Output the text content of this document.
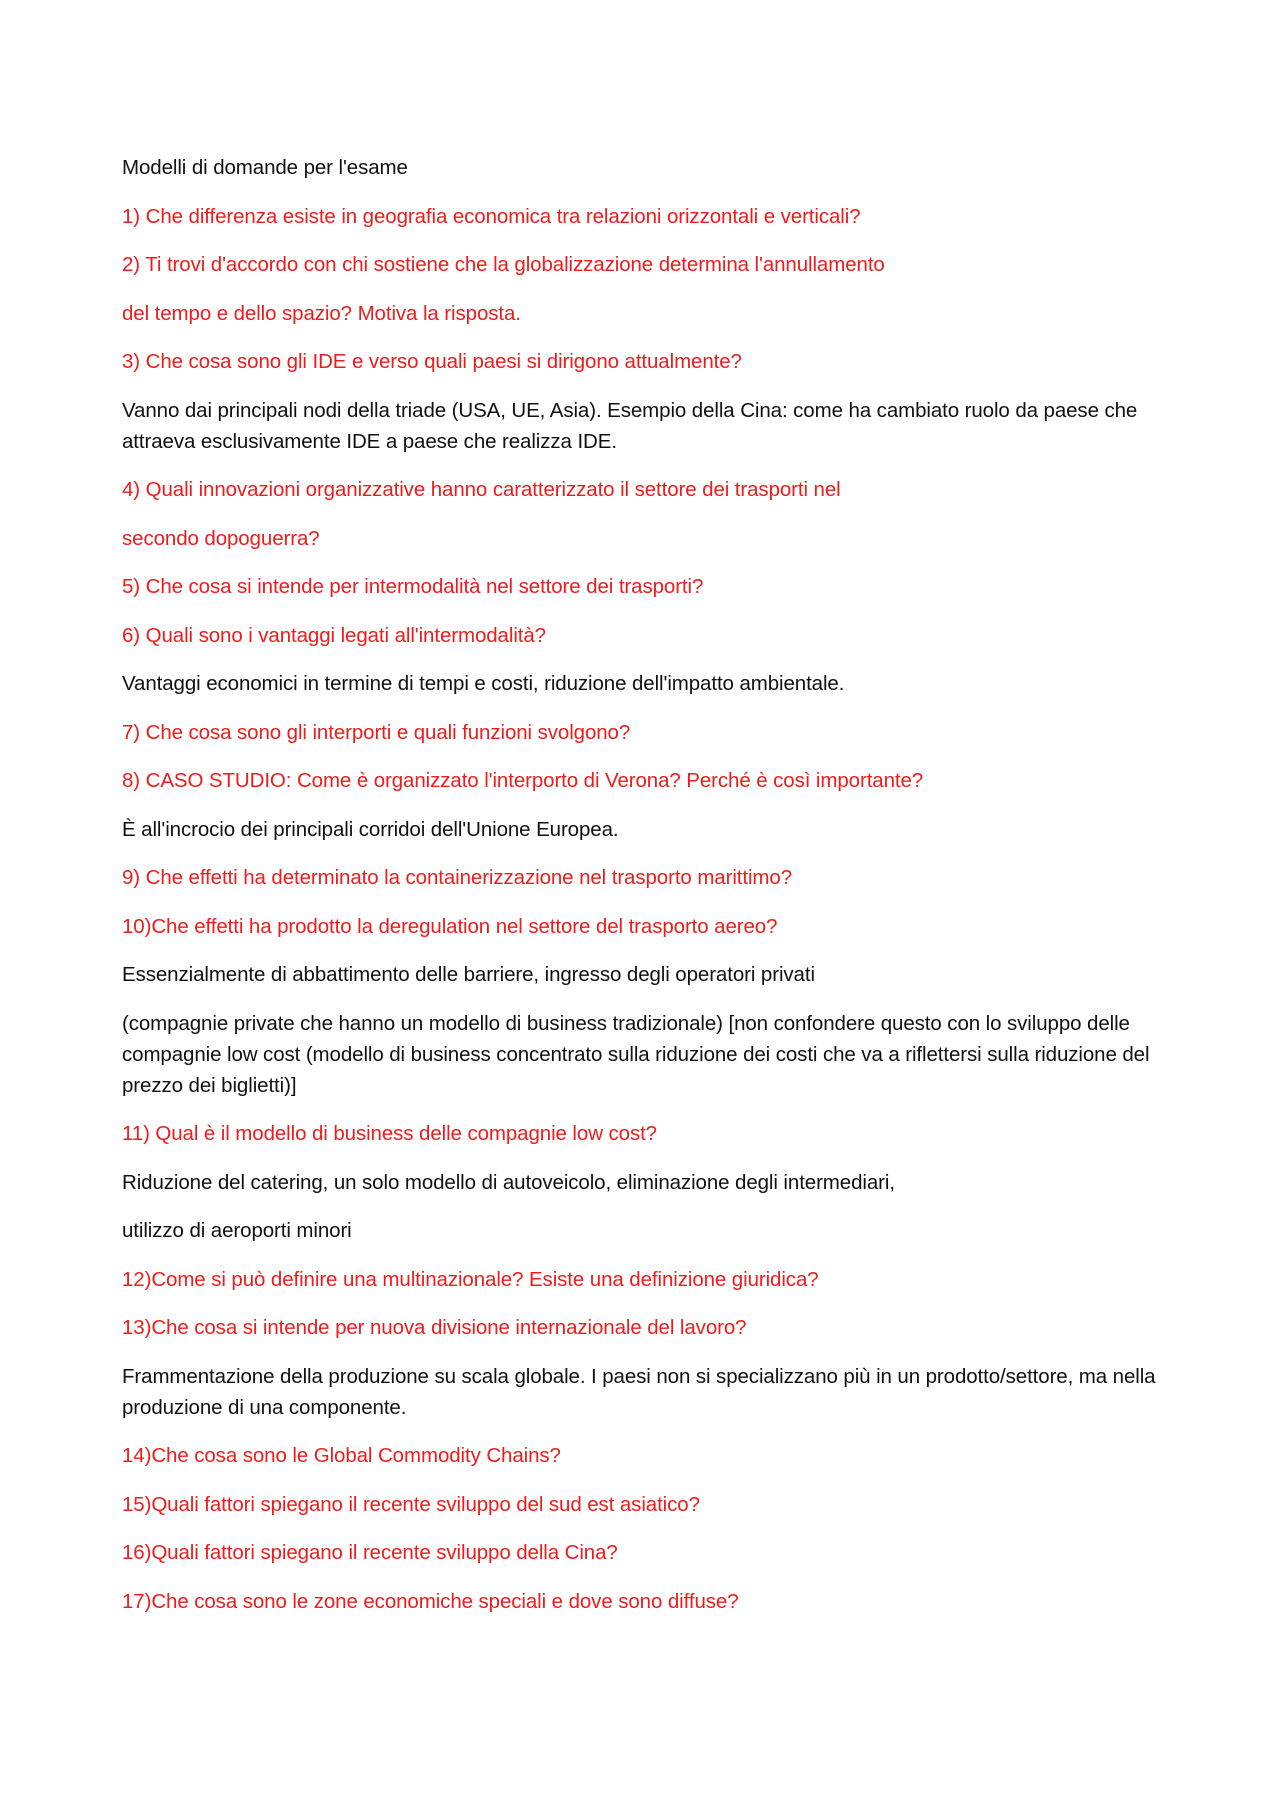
Modelli di domande per l'esame

1) Che differenza esiste in geografia economica tra relazioni orizzontali e verticali?

2) Ti trovi d'accordo con chi sostiene che la globalizzazione determina l'annullamento

del tempo e dello spazio? Motiva la risposta.

3) Che cosa sono gli IDE e verso quali paesi si dirigono attualmente?

Vanno dai principali nodi della triade (USA, UE, Asia). Esempio della Cina: come ha cambiato ruolo da paese che attraeva esclusivamente IDE a paese che realizza IDE.

4) Quali innovazioni organizzative hanno caratterizzato il settore dei trasporti nel

secondo dopoguerra?

5) Che cosa si intende per intermodalità nel settore dei trasporti?

6) Quali sono i vantaggi legati all'intermodalità?

Vantaggi economici in termine di tempi e costi, riduzione dell'impatto ambientale.

7) Che cosa sono gli interporti e quali funzioni svolgono?

8) CASO STUDIO: Come è organizzato l'interporto di Verona? Perché è così importante?

È all'incrocio dei principali corridoi dell'Unione Europea.

9) Che effetti ha determinato la containerizzazione nel trasporto marittimo?

10)Che effetti ha prodotto la deregulation nel settore del trasporto aereo?

Essenzialmente di abbattimento delle barriere, ingresso degli operatori privati

(compagnie private che hanno un modello di business tradizionale) [non confondere questo con lo sviluppo delle compagnie low cost (modello di business concentrato sulla riduzione dei costi che va a riflettersi sulla riduzione del prezzo dei biglietti)]

11) Qual è il modello di business delle compagnie low cost?

Riduzione del catering, un solo modello di autoveicolo, eliminazione degli intermediari,

utilizzo di aeroporti minori

12)Come si può definire una multinazionale? Esiste una definizione giuridica?

13)Che cosa si intende per nuova divisione internazionale del lavoro?

Frammentazione della produzione su scala globale. I paesi non si specializzano più in un prodotto/settore, ma nella produzione di una componente.

14)Che cosa sono le Global Commodity Chains?

15)Quali fattori spiegano il recente sviluppo del sud est asiatico?

16)Quali fattori spiegano il recente sviluppo della Cina?

17)Che cosa sono le zone economiche speciali e dove sono diffuse?
